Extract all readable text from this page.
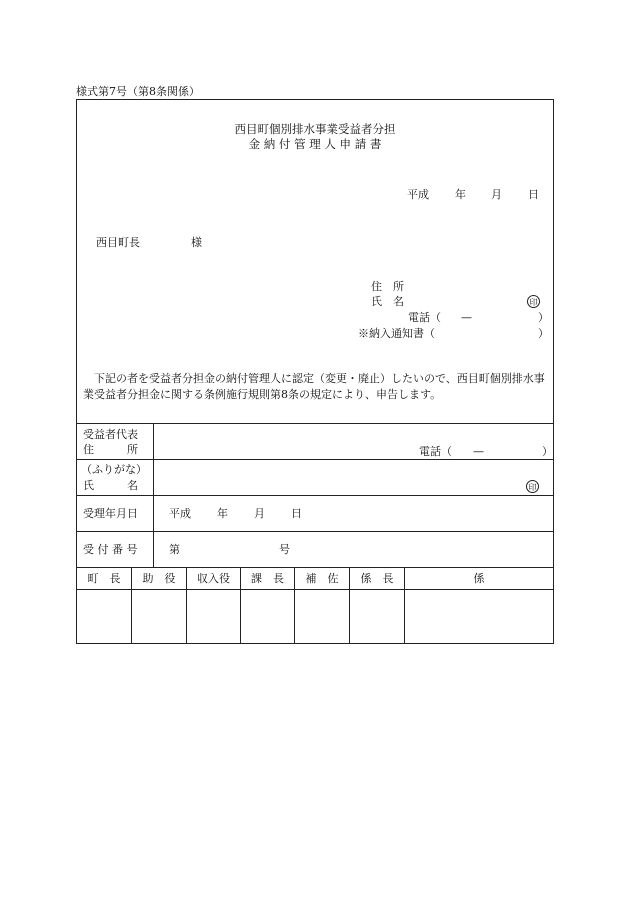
様式第7号（第8条関係）
西目町個別排水事業受益者分担
金 納 付 管 理 人 申 請 書
平成 年 月 日
西目町長	様
住　所
氏　名	印
電話（ —	）
※納入通知書（	）
下記の者を受益者分担金の納付管理人に認定（変更・廃止）したいので、西目町個別排水事業受益者分担金に関する条例施行規則第8条の規定により、申告します。
受益者代表
住　　　所	電話（ —	）
（ふりがな）
氏　　　名	印
受理年月日	平成 年 月 日
受 付 番 号	第	号
町　長	助　役	収入役	課　長	補　佐	係　長	係
